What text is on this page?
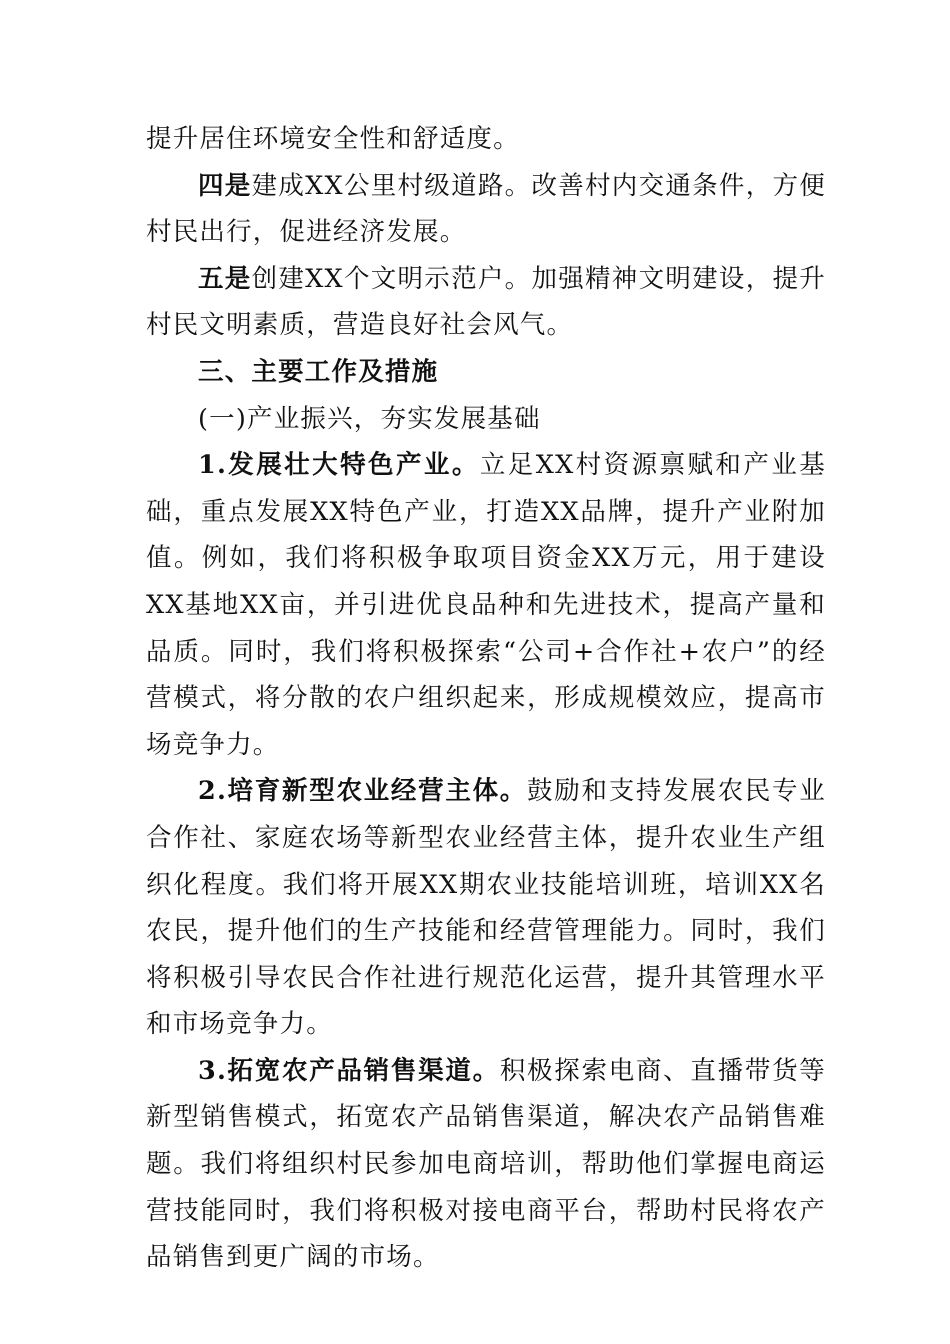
提升居住环境安全性和舒适度。

四是建成XX公里村级道路。改善村内交通条件，方便村民出行，促进经济发展。

五是创建XX个文明示范户。加强精神文明建设，提升村民文明素质，营造良好社会风气。

三、主要工作及措施

(一)产业振兴，夯实发展基础

1.发展壮大特色产业。立足XX村资源禀赋和产业基础，重点发展XX特色产业，打造XX品牌，提升产业附加值。例如，我们将积极争取项目资金XX万元，用于建设XX基地XX亩，并引进优良品种和先进技术，提高产量和品质。同时，我们将积极探索“公司+合作社+农户”的经营模式，将分散的农户组织起来，形成规模效应，提高市场竞争力。

2.培育新型农业经营主体。鼓励和支持发展农民专业合作社、家庭农场等新型农业经营主体，提升农业生产组织化程度。我们将开展XX期农业技能培训班，培训XX名农民，提升他们的生产技能和经营管理能力。同时，我们将积极引导农民合作社进行规范化运营，提升其管理水平和市场竞争力。

3.拓宽农产品销售渠道。积极探索电商、直播带货等新型销售模式，拓宽农产品销售渠道，解决农产品销售难题。我们将组织村民参加电商培训，帮助他们掌握电商运营技能同时，我们将积极对接电商平台，帮助村民将农产品销售到更广阔的市场。
